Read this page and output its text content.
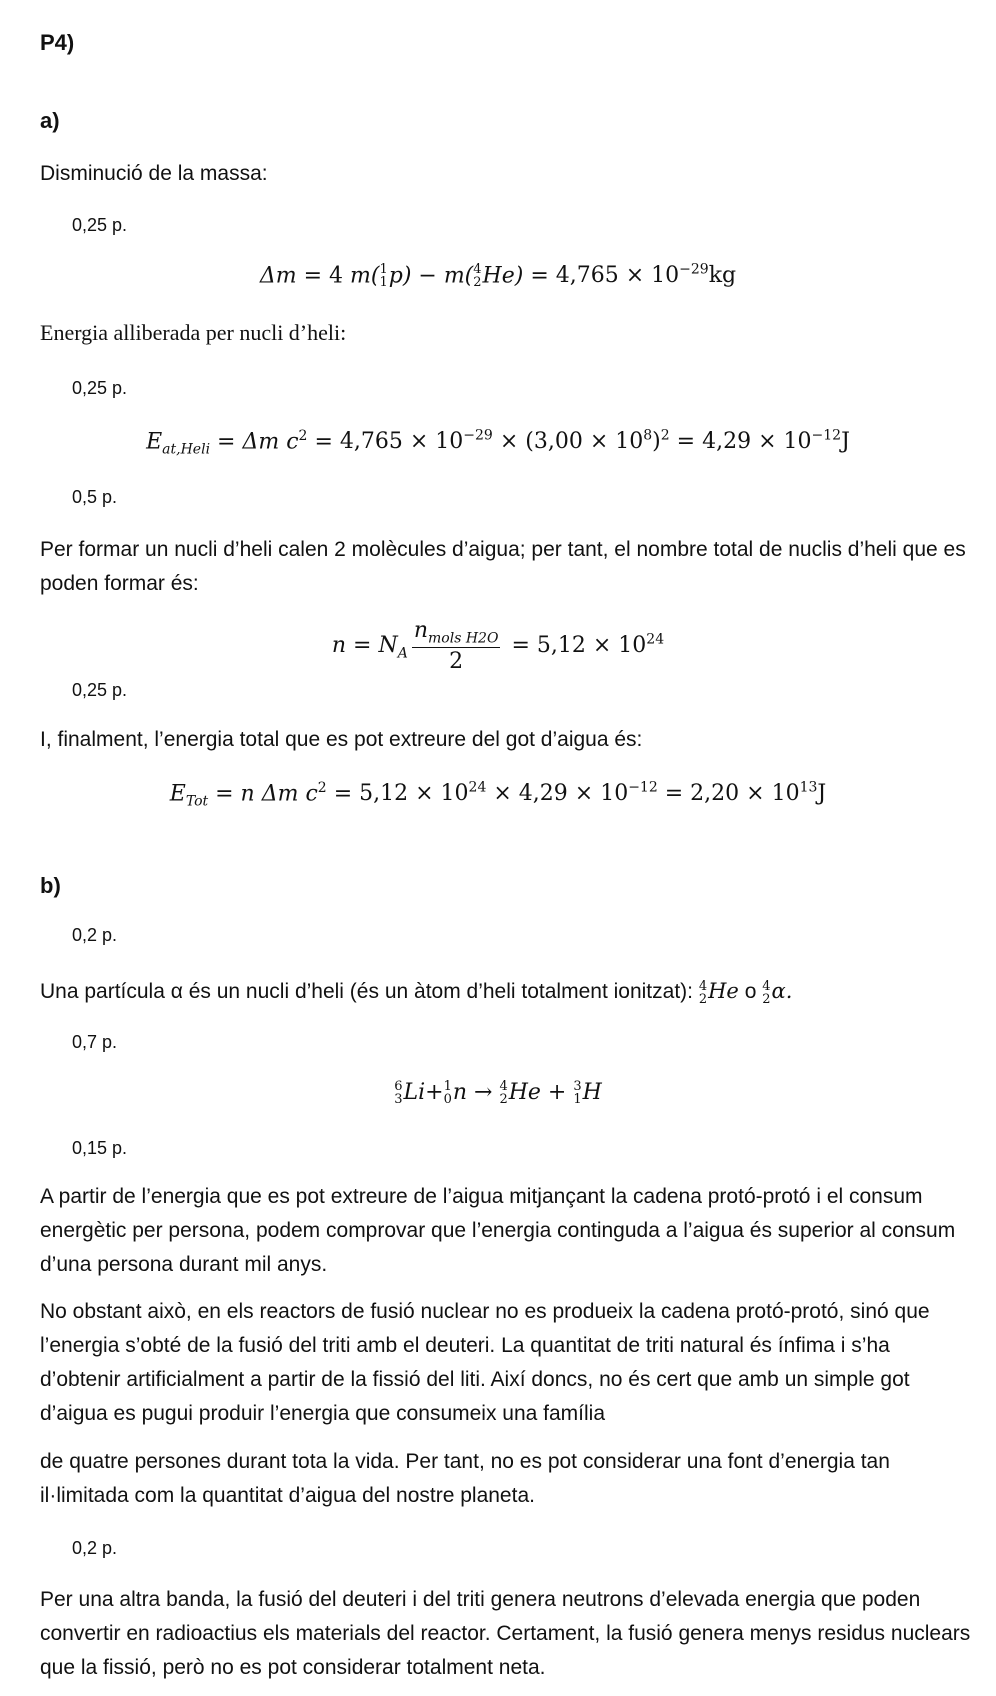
P4)
a)
Disminució de la massa:
0,25 p.
Δm = 4 m(1
1p) − m(4
$2He) = 4,765 \times 10^{-29}kg$
Energia alliberada per nucli d’heli:
0,25 p.
$E_{at,Heli} = \Delta m$ $c^2 = 4,765 \times 10^{-29} \times (3,00 \times 10^8)^2 = 4,29 \times 10^{-12}J$
0,5 p.
Per formar un nucli d’heli calen 2 molècules d’aigua; per tant, el nombre total de nuclis d’heli que es poden formar és:
$n = N_A \frac{n_{mols H2O}}{2} = 5,12 \times 10^{24}$
0,25 p.
I, finalment, l’energia total que es pot extreure del got d’aigua és:
$E_{Tot} = n$ Δm $c^2 = 5,12 \times 10^{24} \times 4,29 \times 10^{-12} = 2,20 \times 10^{13}J$
b)
0,2 p.
Una partícula α és un nucli d’heli (és un àtom d’heli totalment ionitzat): 4
2He o 4
2α.
0,7 p.
6
3Li+1
0n → 4
2He + 3
1H
0,15 p.
A partir de l’energia que es pot extreure de l’aigua mitjançant la cadena protó-protó i el consum energètic per persona, podem comprovar que l’energia continguda a l’aigua és superior al consum d’una persona durant mil anys.
No obstant això, en els reactors de fusió nuclear no es produeix la cadena protó-protó, sinó que l’energia s’obté de la fusió del triti amb el deuteri. La quantitat de triti natural és ínfima i s’ha d’obtenir artificialment a partir de la fissió del liti. Així doncs, no és cert que amb un simple got d’aigua es pugui produir l’energia que consumeix una família
de quatre persones durant tota la vida. Per tant, no es pot considerar una font d’energia tan il·limitada com la quantitat d’aigua del nostre planeta.
0,2 p.
Per una altra banda, la fusió del deuteri i del triti genera neutrons d’elevada energia que poden convertir en radioactius els materials del reactor. Certament, la fusió genera menys residus nuclears que la fissió, però no es pot considerar totalment neta.
